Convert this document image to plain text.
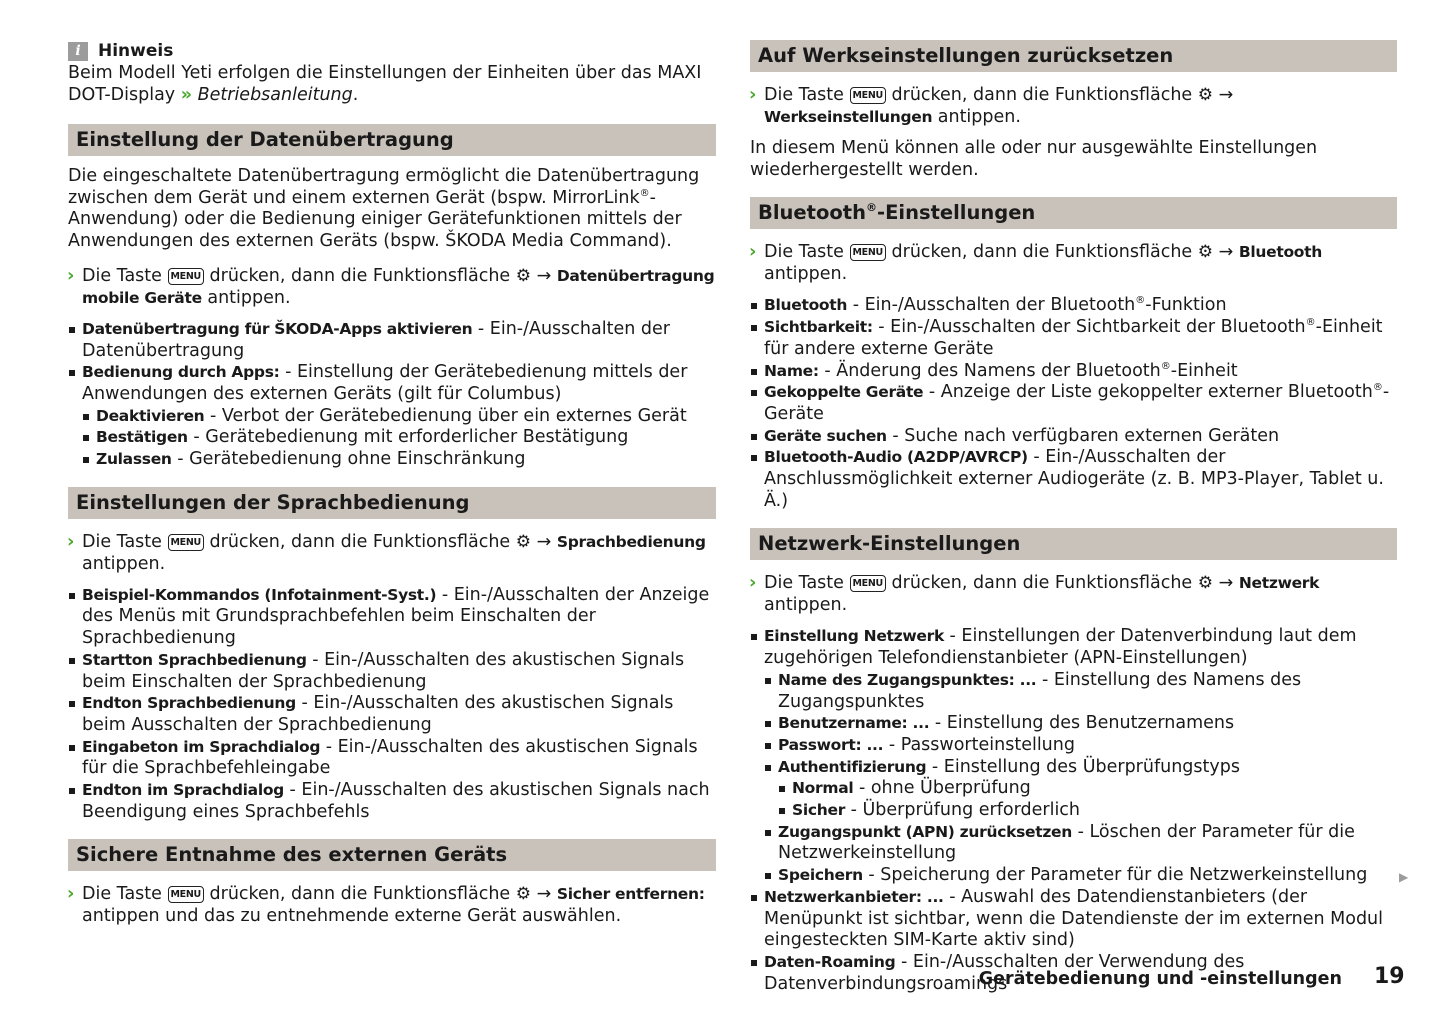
i	Hinweis
Beim Modell Yeti erfolgen die Einstellungen der Einheiten über das MAXI DOT-Display » Betriebsanleitung.
Einstellung der Datenübertragung

Die eingeschaltete Datenübertragung ermöglicht die Datenübertragung zwischen dem Gerät und einem externen Gerät (bspw. MirrorLink®-Anwendung) oder die Bedienung einiger Gerätefunktionen mittels der Anwendungen des externen Geräts (bspw. ŠKODA Media Command).

› Die Taste MENU drücken, dann die Funktionsfläche ⚙ → Datenübertragung mobile Geräte antippen.
Datenübertragung für ŠKODA-Apps aktivieren - Ein-/Ausschalten der Datenübertragung
Bedienung durch Apps: - Einstellung der Gerätebedienung mittels der Anwendungen des externen Geräts (gilt für Columbus)
Deaktivieren - Verbot der Gerätebedienung über ein externes Gerät
Bestätigen - Gerätebedienung mit erforderlicher Bestätigung
Zulassen - Gerätebedienung ohne Einschränkung
Einstellungen der Sprachbedienung
› Die Taste MENU drücken, dann die Funktionsfläche ⚙ → Sprachbedienung antippen.
Beispiel-Kommandos (Infotainment-Syst.) - Ein-/Ausschalten der Anzeige des Menüs mit Grundsprachbefehlen beim Einschalten der Sprachbedienung
Startton Sprachbedienung - Ein-/Ausschalten des akustischen Signals beim Einschalten der Sprachbedienung
Endton Sprachbedienung - Ein-/Ausschalten des akustischen Signals beim Ausschalten der Sprachbedienung
Eingabeton im Sprachdialog - Ein-/Ausschalten des akustischen Signals für die Sprachbefehleingabe
Endton im Sprachdialog - Ein-/Ausschalten des akustischen Signals nach Beendigung eines Sprachbefehls
Sichere Entnahme des externen Geräts
› Die Taste MENU drücken, dann die Funktionsfläche ⚙ → Sicher entfernen: antippen und das zu entnehmende externe Gerät auswählen.
Auf Werkseinstellungen zurücksetzen
› Die Taste MENU drücken, dann die Funktionsfläche ⚙ → Werkseinstellungen antippen.

In diesem Menü können alle oder nur ausgewählte Einstellungen wiederhergestellt werden.

Bluetooth®-Einstellungen
› Die Taste MENU drücken, dann die Funktionsfläche ⚙ → Bluetooth antippen.
Bluetooth - Ein-/Ausschalten der Bluetooth®-Funktion
Sichtbarkeit: - Ein-/Ausschalten der Sichtbarkeit der Bluetooth®-Einheit für andere externe Geräte
Name: - Änderung des Namens der Bluetooth®-Einheit
Gekoppelte Geräte - Anzeige der Liste gekoppelter externer Bluetooth®-Geräte
Geräte suchen - Suche nach verfügbaren externen Geräten
Bluetooth-Audio (A2DP/AVRCP) - Ein-/Ausschalten der Anschlussmöglichkeit externer Audiogeräte (z. B. MP3-Player, Tablet u. Ä.)
Netzwerk-Einstellungen
› Die Taste MENU drücken, dann die Funktionsfläche ⚙ → Netzwerk antippen.
Einstellung Netzwerk - Einstellungen der Datenverbindung laut dem zugehörigen Telefondienstanbieter (APN-Einstellungen)
Name des Zugangspunktes: ... - Einstellung des Namens des Zugangspunktes
Benutzername: ... - Einstellung des Benutzernamens
Passwort: ... - Passworteinstellung
Authentifizierung - Einstellung des Überprüfungstyps
Normal - ohne Überprüfung
Sicher - Überprüfung erforderlich
Zugangspunkt (APN) zurücksetzen - Löschen der Parameter für die Netzwerkeinstellung
Speichern - Speicherung der Parameter für die Netzwerkeinstellung
Netzwerkanbieter: ... - Auswahl des Datendienstanbieters (der Menüpunkt ist sichtbar, wenn die Datendienste der im externen Modul eingesteckten SIM-Karte aktiv sind)
Daten-Roaming - Ein-/Ausschalten der Verwendung des Datenverbindungsroamings
▶
Gerätebedienung und -einstellungen 19
